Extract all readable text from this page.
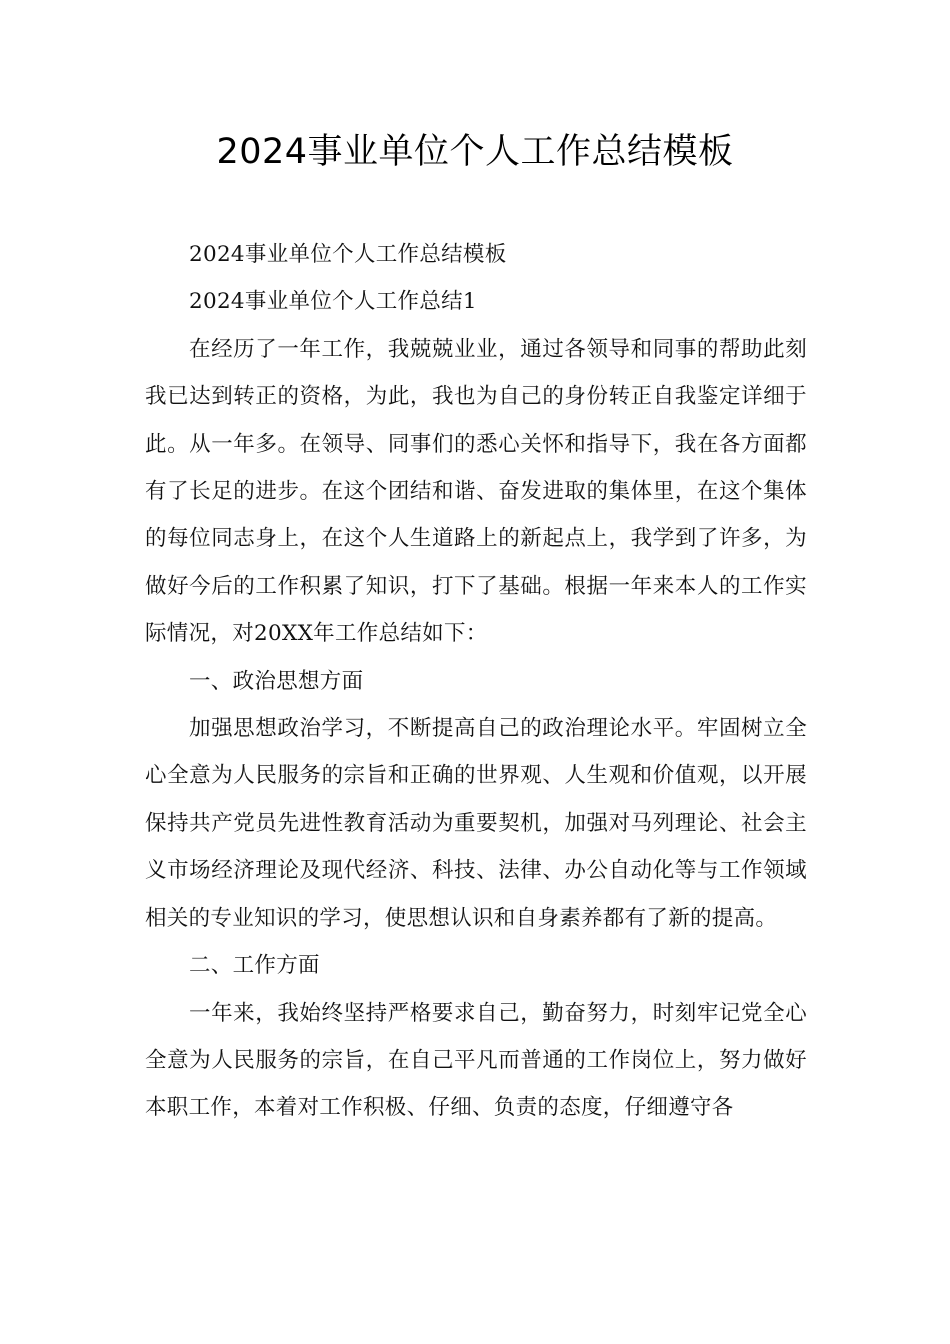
2024事业单位个人工作总结模板

2024事业单位个人工作总结模板

2024事业单位个人工作总结1

在经历了一年工作，我兢兢业业，通过各领导和同事的帮助此刻我已达到转正的资格，为此，我也为自己的身份转正自我鉴定详细于此。从一年多。在领导、同事们的悉心关怀和指导下，我在各方面都有了长足的进步。在这个团结和谐、奋发进取的集体里，在这个集体的每位同志身上，在这个人生道路上的新起点上，我学到了许多，为做好今后的工作积累了知识，打下了基础。根据一年来本人的工作实际情况，对20XX年工作总结如下：

一、政治思想方面

加强思想政治学习，不断提高自己的政治理论水平。牢固树立全心全意为人民服务的宗旨和正确的世界观、人生观和价值观，以开展保持共产党员先进性教育活动为重要契机，加强对马列理论、社会主义市场经济理论及现代经济、科技、法律、办公自动化等与工作领域相关的专业知识的学习，使思想认识和自身素养都有了新的提高。

二、工作方面

一年来，我始终坚持严格要求自己，勤奋努力，时刻牢记党全心全意为人民服务的宗旨，在自己平凡而普通的工作岗位上，努力做好本职工作，本着对工作积极、仔细、负责的态度，仔细遵守各
